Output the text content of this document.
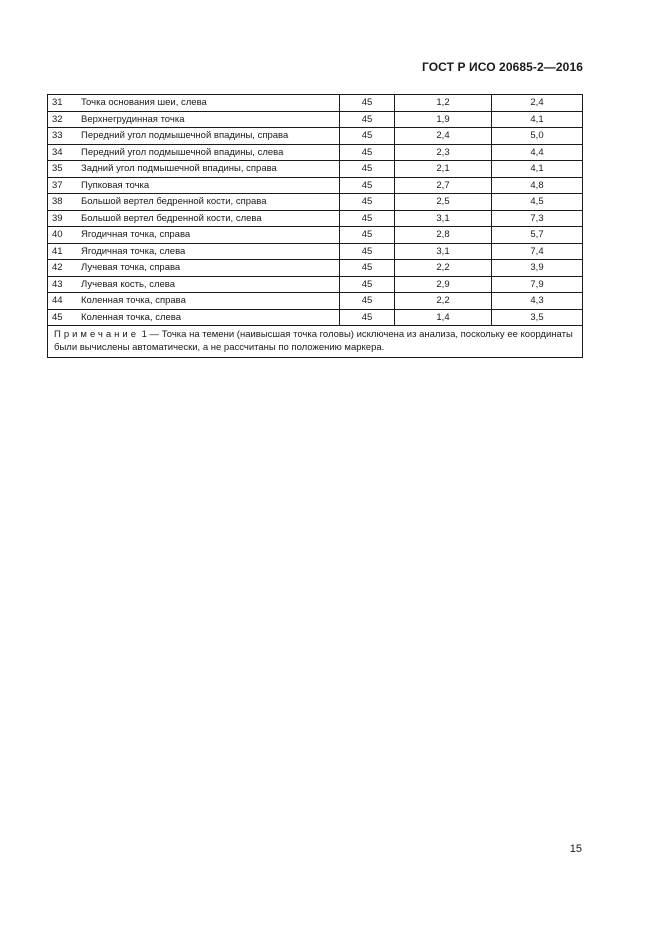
ГОСТ Р ИСО 20685-2—2016
31	Точка основания шеи, слева	45	1,2	2,4
32	Верхнегрудинная точка	45	1,9	4,1
33	Передний угол подмышечной впадины, справа	45	2,4	5,0
34	Передний угол подмышечной впадины, слева	45	2,3	4,4
35	Задний угол подмышечной впадины, справа	45	2,1	4,1
37	Пупковая точка	45	2,7	4,8
38	Большой вертел бедренной кости, справа	45	2,5	4,5
39	Большой вертел бедренной кости, слева	45	3,1	7,3
40	Ягодичная точка, справа	45	2,8	5,7
41	Ягодичная точка, слева	45	3,1	7,4
42	Лучевая точка, справа	45	2,2	3,9
43	Лучевая кость, слева	45	2,9	7,9
44	Коленная точка, справа	45	2,2	4,3
45	Коленная точка, слева	45	1,4	3,5
Примечание 1 — Точка на темени (наивысшая точка головы) исключена из анализа, поскольку ее координаты были вычислены автоматически, а не рассчитаны по положению маркера.				
15
